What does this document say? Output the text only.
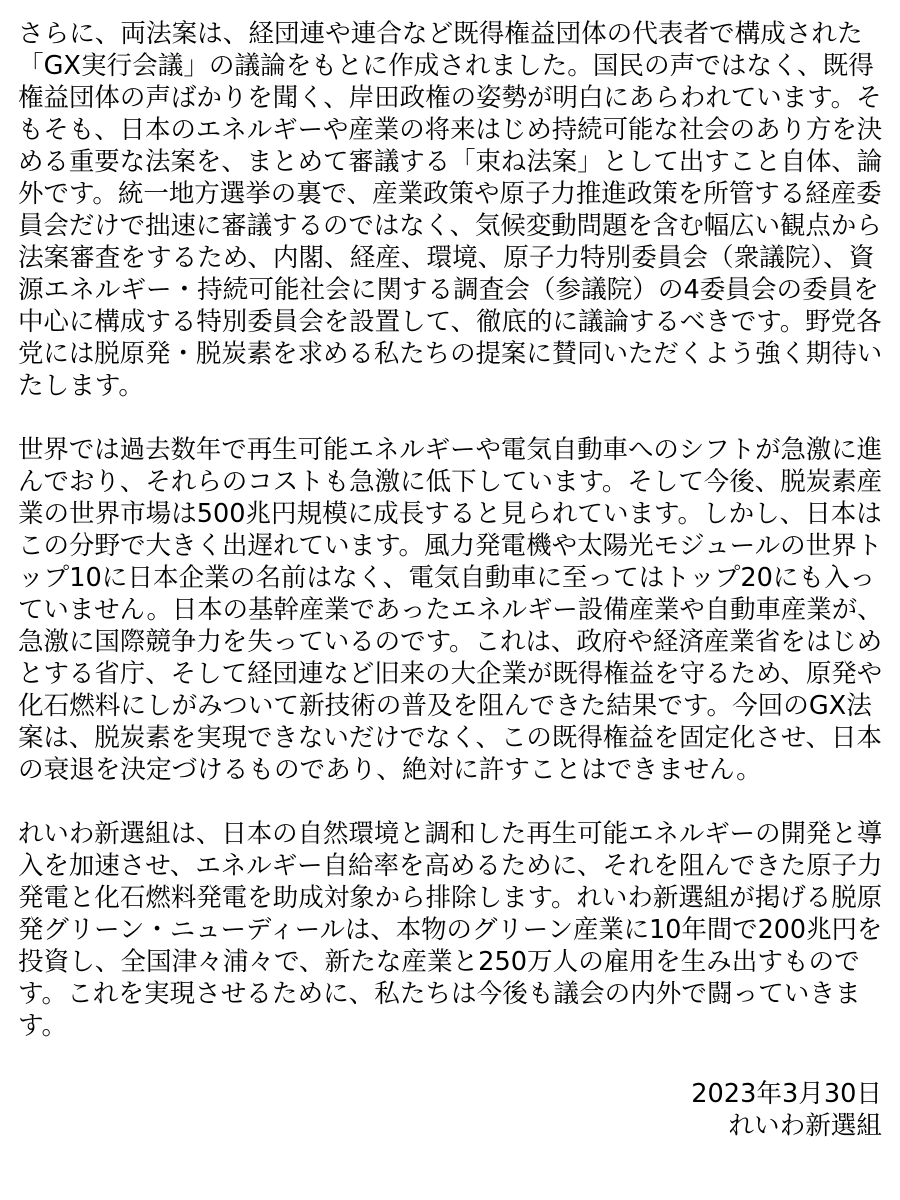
さらに、両法案は、経団連や連合など既得権益団体の代表者で構成された
「GX実行会議」の議論をもとに作成されました。国民の声ではなく、既得
権益団体の声ばかりを聞く、岸田政権の姿勢が明白にあらわれています。そ
もそも、日本のエネルギーや産業の将来はじめ持続可能な社会のあり方を決
める重要な法案を、まとめて審議する「束ね法案」として出すこと自体、論
外です。統一地方選挙の裏で、産業政策や原子力推進政策を所管する経産委
員会だけで拙速に審議するのではなく、気候変動問題を含む幅広い観点から
法案審査をするため、内閣、経産、環境、原子力特別委員会（衆議院）、資
源エネルギー・持続可能社会に関する調査会（参議院）の4委員会の委員を
中心に構成する特別委員会を設置して、徹底的に議論するべきです。野党各
党には脱原発・脱炭素を求める私たちの提案に賛同いただくよう強く期待い
たします。
世界では過去数年で再生可能エネルギーや電気自動車へのシフトが急激に進
んでおり、それらのコストも急激に低下しています。そして今後、脱炭素産
業の世界市場は500兆円規模に成長すると見られています。しかし、日本は
この分野で大きく出遅れています。風力発電機や太陽光モジュールの世界ト
ップ10に日本企業の名前はなく、電気自動車に至ってはトップ20にも入っ
ていません。日本の基幹産業であったエネルギー設備産業や自動車産業が、
急激に国際競争力を失っているのです。これは、政府や経済産業省をはじめ
とする省庁、そして経団連など旧来の大企業が既得権益を守るため、原発や
化石燃料にしがみついて新技術の普及を阻んできた結果です。今回のGX法
案は、脱炭素を実現できないだけでなく、この既得権益を固定化させ、日本
の衰退を決定づけるものであり、絶対に許すことはできません。
れいわ新選組は、日本の自然環境と調和した再生可能エネルギーの開発と導
入を加速させ、エネルギー自給率を高めるために、それを阻んできた原子力
発電と化石燃料発電を助成対象から排除します。れいわ新選組が掲げる脱原
発グリーン・ニューディールは、本物のグリーン産業に10年間で200兆円を
投資し、全国津々浦々で、新たな産業と250万人の雇用を生み出すもので
す。これを実現させるために、私たちは今後も議会の内外で闘っていきま
す。
2023年3月30日
れいわ新選組
